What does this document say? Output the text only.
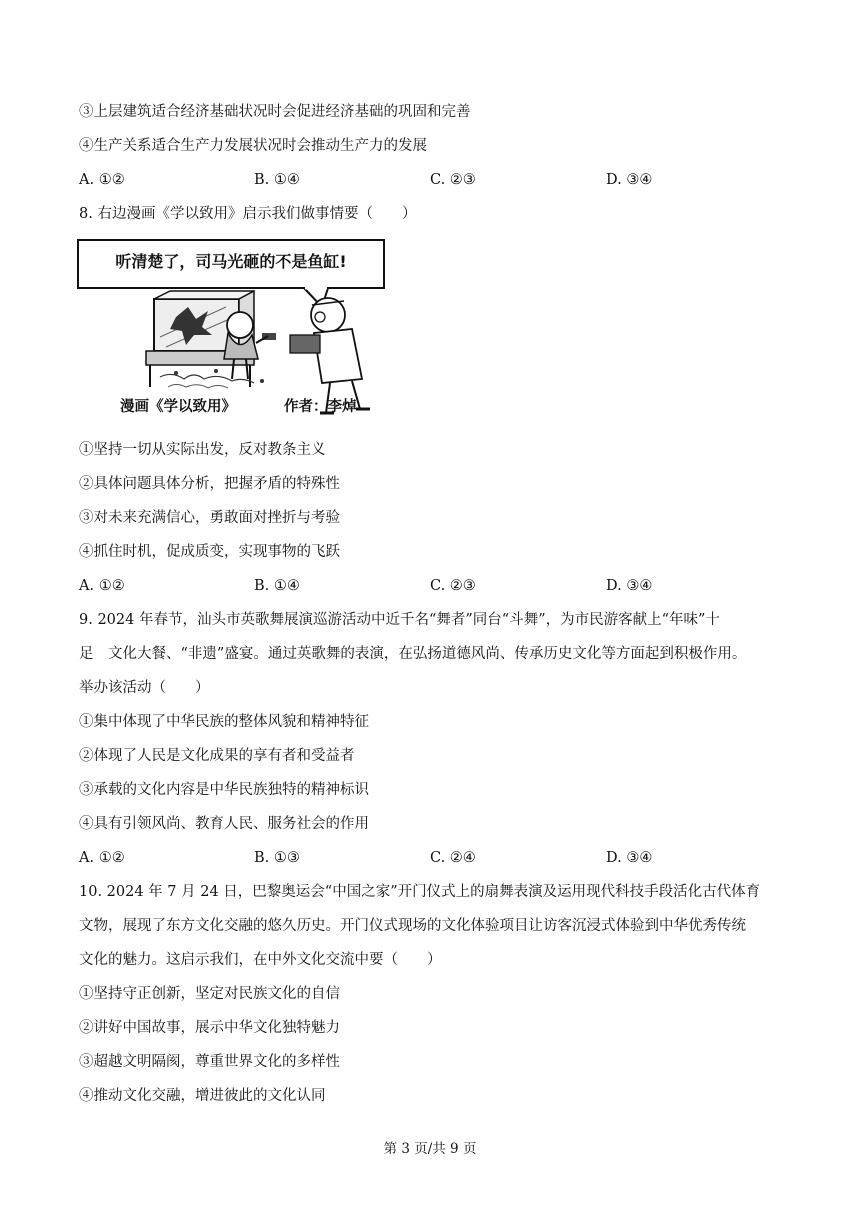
③上层建筑适合经济基础状况时会促进经济基础的巩固和完善
④生产关系适合生产力发展状况时会推动生产力的发展
A. ①②	B. ①④	C. ②③	D. ③④
8. 右边漫画《学以致用》启示我们做事情要（　　）
听清楚了，司马光砸的不是鱼缸!
漫画《学以致用》	作者：李焯
①坚持一切从实际出发，反对教条主义
②具体问题具体分析，把握矛盾的特殊性
③对未来充满信心，勇敢面对挫折与考验
④抓住时机，促成质变，实现事物的飞跃
A. ①②	B. ①④	C. ②③	D. ③④
9. 2024 年春节，汕头市英歌舞展演巡游活动中近千名“舞者”同台“斗舞”，为市民游客献上“年味”十
足　文化大餐、“非遗”盛宴。通过英歌舞的表演，在弘扬道德风尚、传承历史文化等方面起到积极作用。
举办该活动（　　）
①集中体现了中华民族的整体风貌和精神特征
②体现了人民是文化成果的享有者和受益者
③承载的文化内容是中华民族独特的精神标识
④具有引领风尚、教育人民、服务社会的作用
A. ①②	B. ①③	C. ②④	D. ③④
10. 2024 年 7 月 24 日，巴黎奥运会“中国之家”开门仪式上的扇舞表演及运用现代科技手段活化古代体育
文物，展现了东方文化交融的悠久历史。开门仪式现场的文化体验项目让访客沉浸式体验到中华优秀传统
文化的魅力。这启示我们，在中外文化交流中要（　　）
①坚持守正创新，坚定对民族文化的自信
②讲好中国故事，展示中华文化独特魅力
③超越文明隔阂，尊重世界文化的多样性
④推动文化交融，增进彼此的文化认同
第 3 页/共 9 页
